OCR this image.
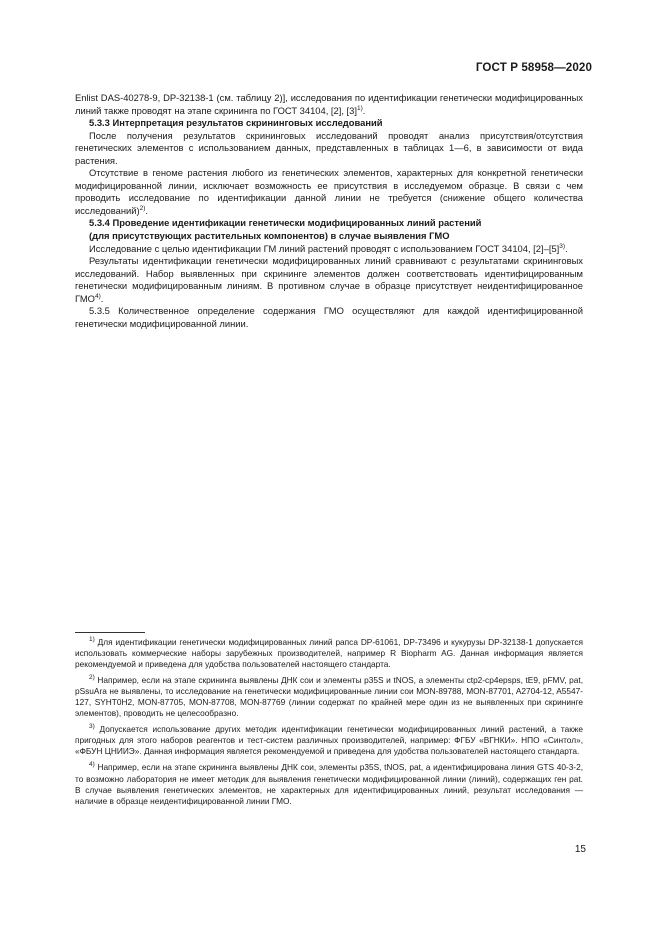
ГОСТ Р 58958—2020

Enlist DAS-40278-9, DP-32138-1 (см. таблицу 2)], исследования по идентификации генетически модифицированных линий также проводят на этапе скрининга по ГОСТ 34104, [2], $[3]^{1)}$.

5.3.3 Интерпретация результатов скрининговых исследований

После получения результатов скрининговых исследований проводят анализ присутствия/отсутствия генетических элементов с использованием данных, представленных в таблицах 1—6, в зависимости от вида растения.

Отсутствие в геноме растения любого из генетических элементов, характерных для конкретной генетически модифицированной линии, исключает возможность ее присутствия в исследуемом образце. В связи с чем проводить исследование по идентификации данной линии не требуется (снижение общего количества исследований)$^{2)}$.

5.3.4 Проведение идентификации генетически модифицированных линий растений

(для присутствующих растительных компонентов) в случае выявления ГМО

Исследование с целью идентификации ГМ линий растений проводят с использованием ГОСТ 34104, $[2]-[5]^{3)}$.

Результаты идентификации генетически модифицированных линий сравнивают с результатами скрининговых исследований. Набор выявленных при скрининге элементов должен соответствовать идентифицированным генетически модифицированным линиям. В противном случае в образце присутствует неидентифицированное ГМО$^{4)}$.

5.3.5 Количественное определение содержания ГМО осуществляют для каждой идентифицированной генетически модифицированной линии.

$^{1)}$ Для идентификации генетически модифицированных линий рапса DP-61061, DP-73496 и кукурузы DP-32138-1 допускается использовать коммерческие наборы зарубежных производителей, например R Biopharm AG. Данная информация является рекомендуемой и приведена для удобства пользователей настоящего стандарта.

$^{2)}$ Например, если на этапе скрининга выявлены ДНК сои и элементы p35S и tNOS, а элементы ctp2-cp4epsps, tE9, pFMV, pat, pSsuAra не выявлены, то исследование на генетически модифицированные линии сои MON-89788, MON-87701, A2704-12, A5547-127, SYHT0H2, MON-87705, MON-87708, MON-87769 (линии содержат по крайней мере один из не выявленных при скрининге элементов), проводить не целесообразно.

$^{3)}$ Допускается использование других методик идентификации генетически модифицированных линий растений, а также пригодных для этого наборов реагентов и тест-систем различных производителей, например: ФГБУ «ВГНКИ». НПО «Синтол», «ФБУН ЦНИИЭ». Данная информация является рекомендуемой и приведена для удобства пользователей настоящего стандарта.

$^{4)}$ Например, если на этапе скрининга выявлены ДНК сои, элементы p35S, tNOS, pat, а идентифицирована линия GTS 40-3-2, то возможно лаборатория не имеет методик для выявления генетически модифицированной линии (линий), содержащих ген pat. В случае выявления генетических элементов, не характерных для идентифицированных линий, результат исследования — наличие в образце неидентифицированной линии ГМО.

15
